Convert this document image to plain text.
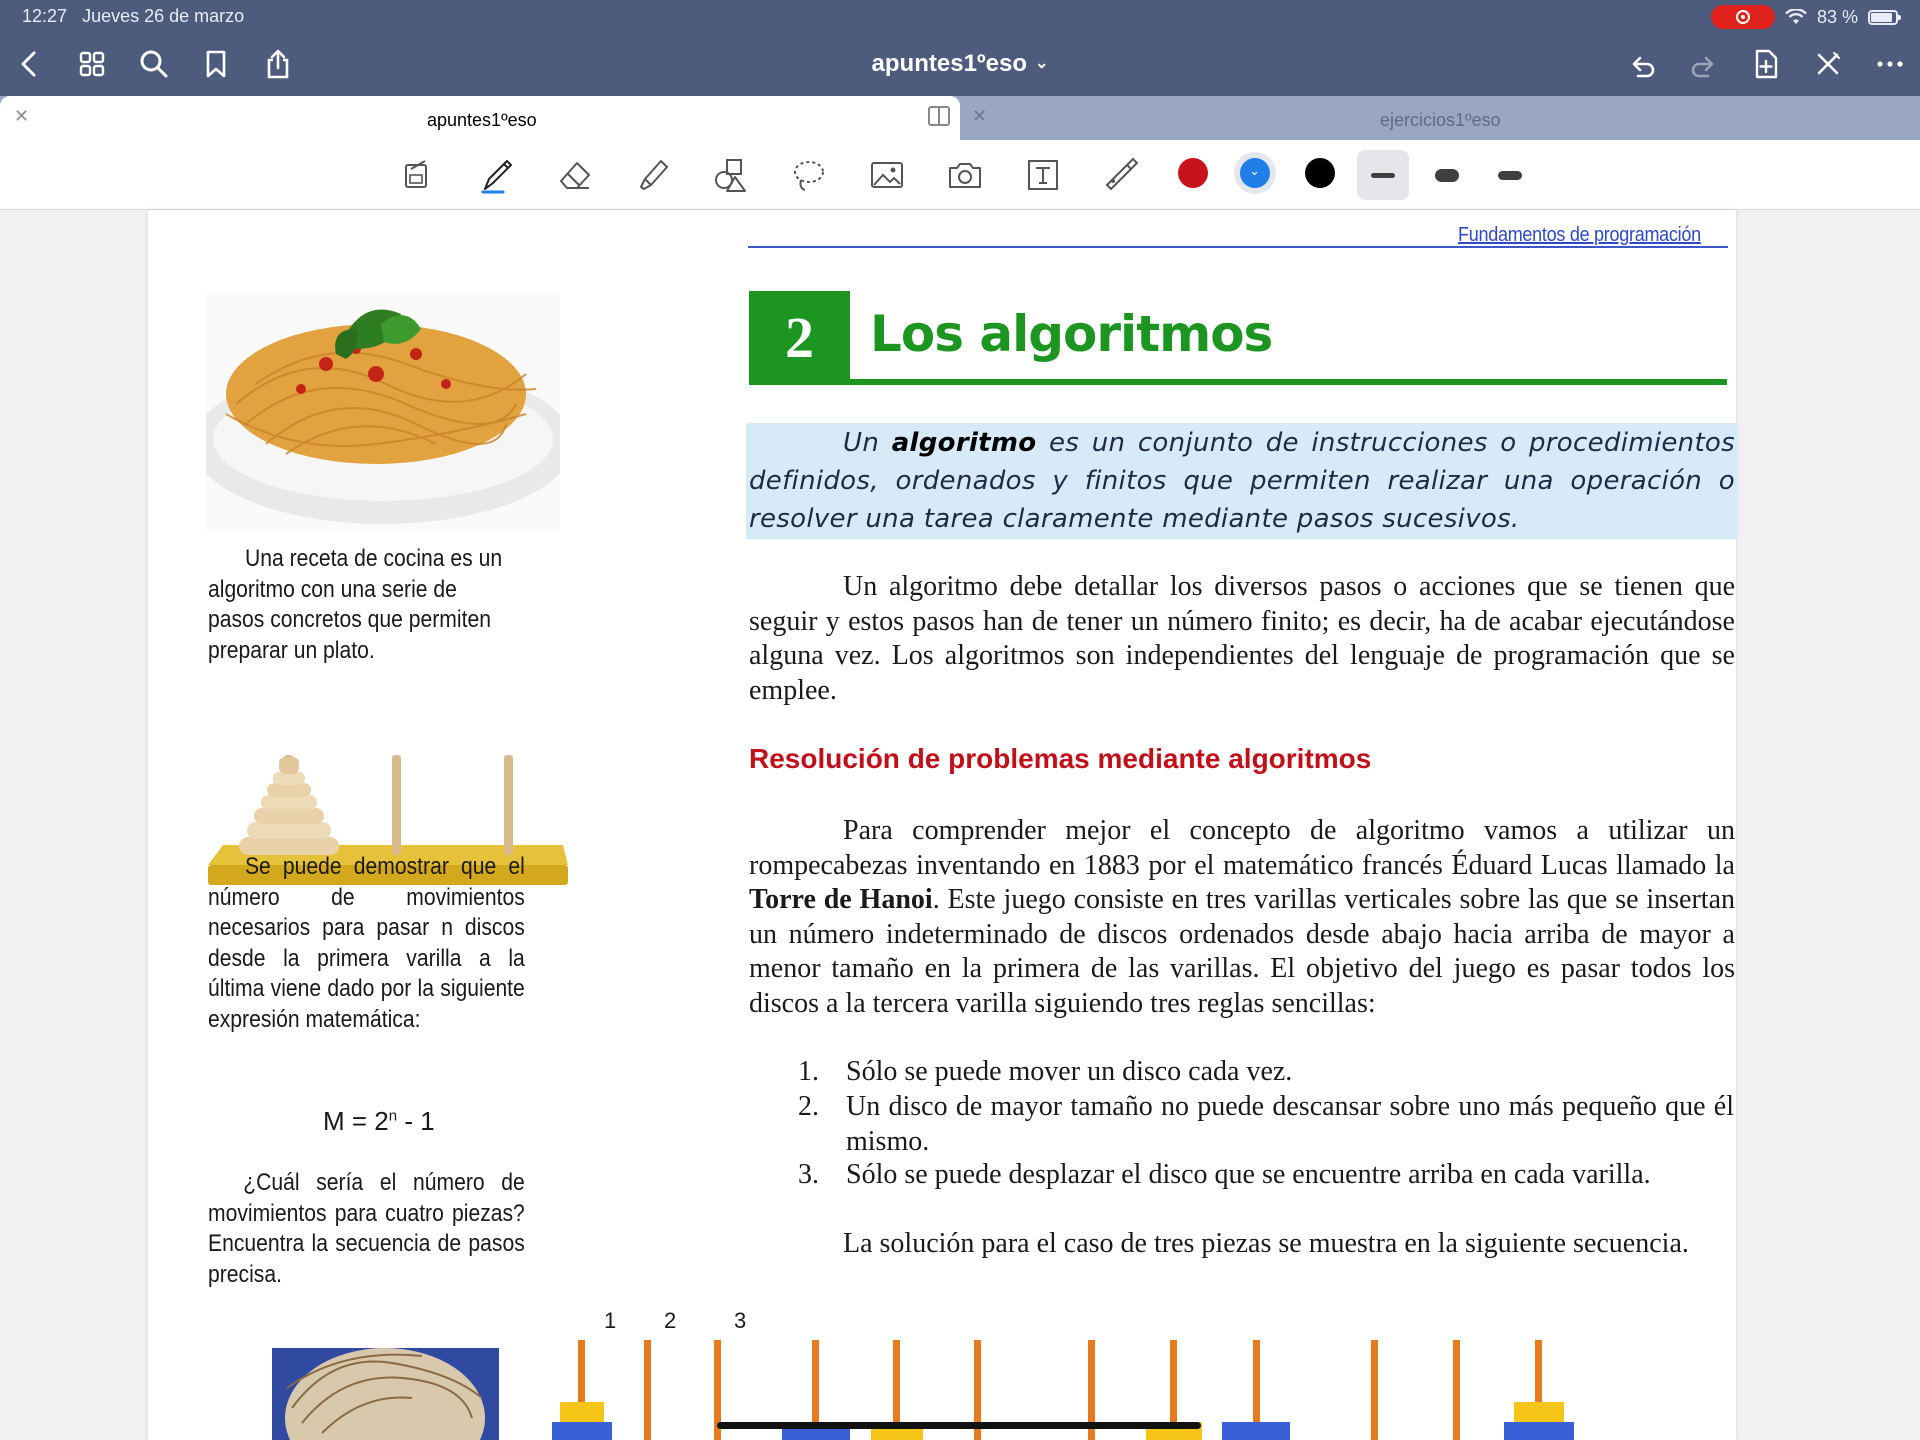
12:27 Jueves 26 de marzo	83 %
apuntes1ºeso ⌄
✕	apuntes1ºeso	✕	ejercicios1ºeso
⌄
Fundamentos de programación
2	Los algoritmos
Un algoritmo es un conjunto de instrucciones o procedimientos definidos, ordenados y finitos que permiten realizar una operación o resolver una tarea claramente mediante pasos sucesivos.
Un algoritmo debe detallar los diversos pasos o acciones que se tienen que seguir y estos pasos han de tener un número finito; es decir, ha de acabar ejecutándose alguna vez. Los algoritmos son independientes del lenguaje de programación que se emplee.
Resolución de problemas mediante algoritmos
Para comprender mejor el concepto de algoritmo vamos a utilizar un rompecabezas inventando en 1883 por el matemático francés Éduard Lucas llamado la Torre de Hanoi. Este juego consiste en tres varillas verticales sobre las que se insertan un número indeterminado de discos ordenados desde abajo hacia arriba de mayor a menor tamaño en la primera de las varillas. El objetivo del juego es pasar todos los discos a la tercera varilla siguiendo tres reglas sencillas:
1. Sólo se puede mover un disco cada vez.
2. Un disco de mayor tamaño no puede descansar sobre uno más pequeño que él mismo.
3. Sólo se puede desplazar el disco que se encuentre arriba en cada varilla.
La solución para el caso de tres piezas se muestra en la siguiente secuencia.
Una receta de cocina es un algoritmo con una serie de pasos concretos que permiten preparar un plato.
Se puede demostrar que el número de movimientos necesarios para pasar n discos desde la primera varilla a la última viene dado por la siguiente expresión matemática:
$M = 2^n - 1$
¿Cuál sería el número de movimientos para cuatro piezas? Encuentra la secuencia de pasos precisa.
1 2	3
